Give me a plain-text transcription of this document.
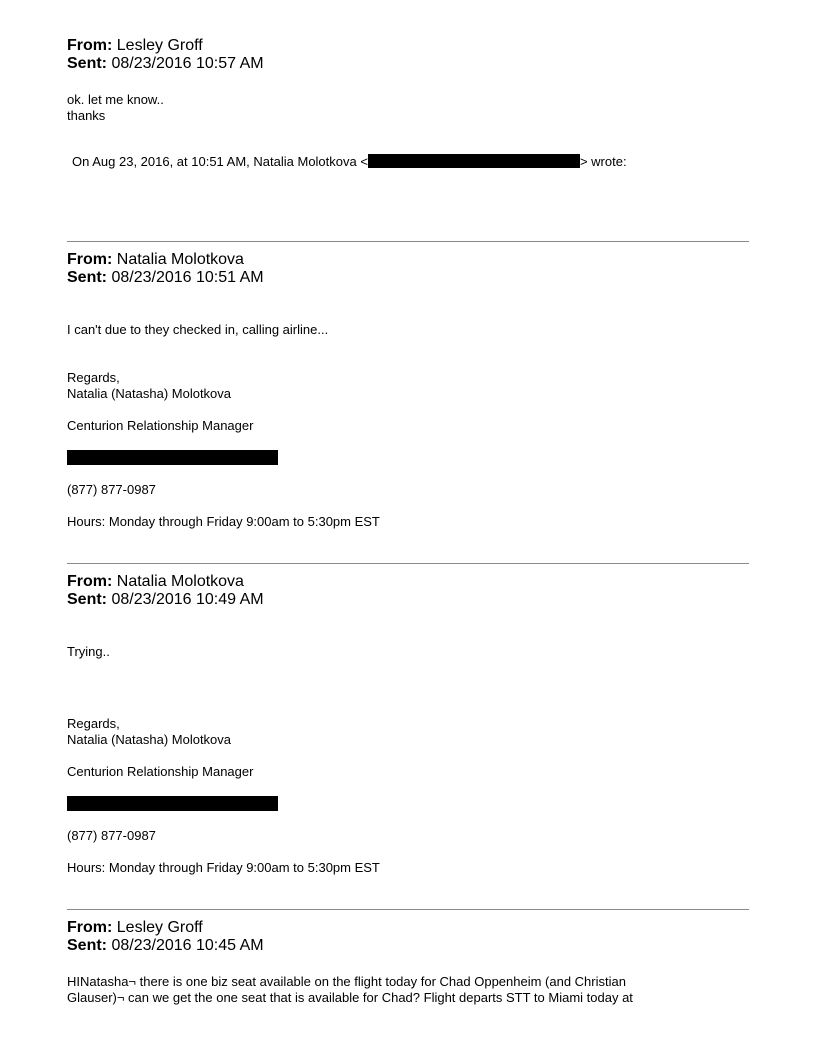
From: Lesley Groff
Sent: 08/23/2016 10:57 AM
ok. let me know..
thanks
On Aug 23, 2016, at 10:51 AM, Natalia Molotkova <	> wrote:
From: Natalia Molotkova
Sent: 08/23/2016 10:51 AM
I can't due to they checked in, calling airline...
Regards,
Natalia (Natasha) Molotkova
Centurion Relationship Manager
(877) 877-0987
Hours: Monday through Friday 9:00am to 5:30pm EST
From: Natalia Molotkova
Sent: 08/23/2016 10:49 AM
Trying..
Regards,
Natalia (Natasha) Molotkova
Centurion Relationship Manager
(877) 877-0987
Hours: Monday through Friday 9:00am to 5:30pm EST
From: Lesley Groff
Sent: 08/23/2016 10:45 AM
HINatasha¬ there is one biz seat available on the flight today for Chad Oppenheim (and Christian
Glauser)¬ can we get the one seat that is available for Chad? Flight departs STT to Miami today at
